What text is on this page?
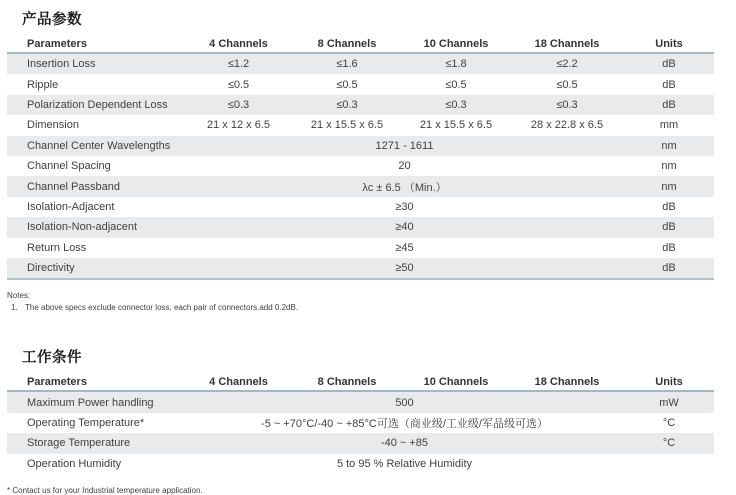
产品参数
Parameters	4 Channels	8 Channels	10 Channels	18 Channels	Units
Insertion Loss	≤1.2	≤1.6	≤1.8	≤2.2	dB
Ripple	≤0.5	≤0.5	≤0.5	≤0.5	dB
Polarization Dependent Loss	≤0.3	≤0.3	≤0.3	≤0.3	dB
Dimension	21 x 12 x 6.5	21 x 15.5 x 6.5	21 x 15.5 x 6.5	28 x 22.8 x 6.5	mm
Channel Center Wavelengths	1271 - 1611	nm
Channel Spacing	20	nm
Channel Passband	λc ± 6.5 （Min.）	nm
Isolation-Adjacent	≥30	dB
Isolation-Non-adjacent	≥40	dB
Return Loss	≥45	dB
Directivity	≥50	dB
Notes:
1. The above specs exclude connector loss, each pair of connectors.add 0.2dB.
工作条件
Parameters	4 Channels	8 Channels	10 Channels	18 Channels	Units
Maximum Power handling	500	mW
Operating Temperature*	-5 ~ +70°C/-40 ~ +85°C可选（商业级/工业级/军品级可选）	°C
Storage Temperature	-40 ~ +85	°C
Operation Humidity	5 to 95 % Relative Humidity
* Contact us for your Industrial temperature application.
